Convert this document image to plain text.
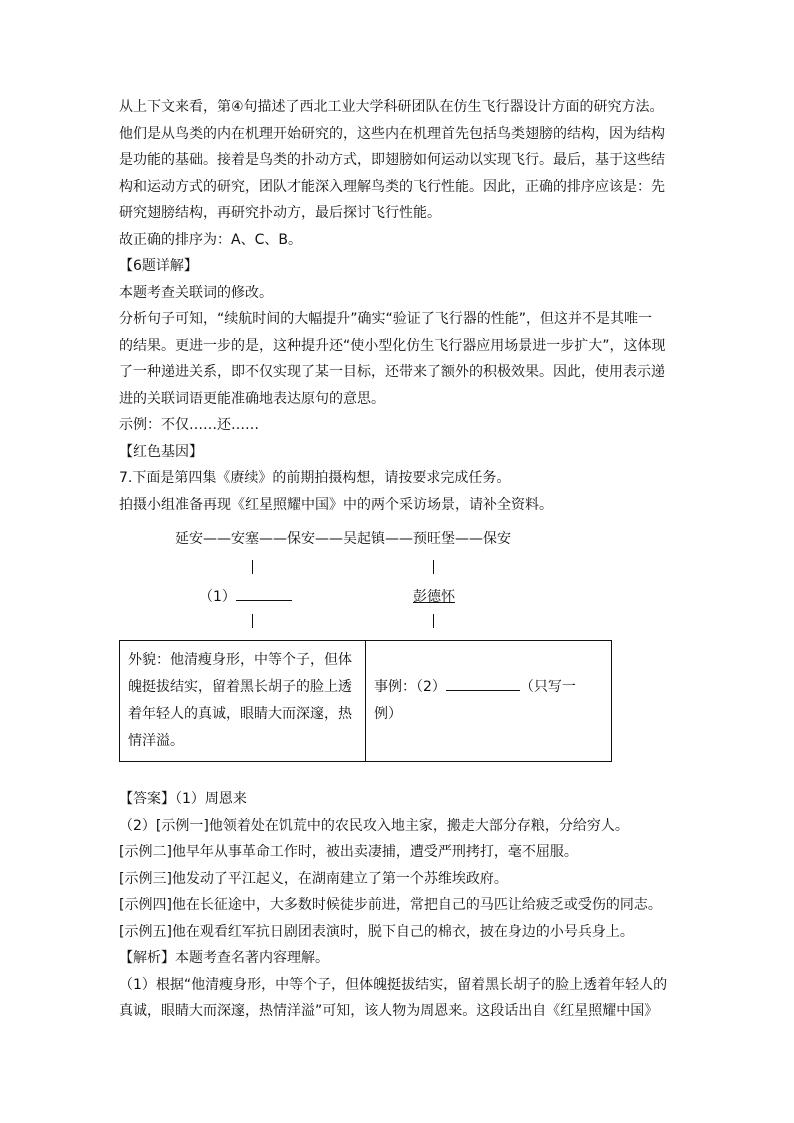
从上下文来看，第④句描述了西北工业大学科研团队在仿生飞行器设计方面的研究方法。
他们是从鸟类的内在机理开始研究的，这些内在机理首先包括鸟类翅膀的结构，因为结构
是功能的基础。接着是鸟类的扑动方式，即翅膀如何运动以实现飞行。最后，基于这些结
构和运动方式的研究，团队才能深入理解鸟类的飞行性能。因此，正确的排序应该是：先
研究翅膀结构，再研究扑动方，最后探讨飞行性能。
故正确的排序为：A、C、B。
【6题详解】
本题考查关联词的修改。
分析句子可知，“续航时间的大幅提升”确实“验证了飞行器的性能”，但这并不是其唯一
的结果。更进一步的是，这种提升还“使小型化仿生飞行器应用场景进一步扩大”，这体现
了一种递进关系，即不仅实现了某一目标，还带来了额外的积极效果。因此，使用表示递
进的关联词语更能准确地表达原句的意思。
示例：不仅……还……
【红色基因】
7.下面是第四集《赓续》的前期拍摄构想，请按要求完成任务。
拍摄小组准备再现《红星照耀中国》中的两个采访场景，请补全资料。
延安——安塞——保安——吴起镇——预旺堡——保安
（1）	彭德怀
外貌：他清瘦身形，中等个子，但体
魄挺拔结实，留着黑长胡子的脸上透
着年轻人的真诚，眼睛大而深邃，热
情洋溢。

事例：（2）	（只写一
例）
【答案】（1）周恩来
（2）[示例一]他领着处在饥荒中的农民攻入地主家，搬走大部分存粮，分给穷人。
[示例二]他早年从事革命工作时，被出卖凄捕，遭受严刑拷打，毫不屈服。
[示例三]他发动了平江起义，在湖南建立了第一个苏维埃政府。
[示例四]他在长征途中，大多数时候徒步前进，常把自己的马匹让给疲乏或受伤的同志。
[示例五]他在观看红军抗日剧团表演时，脱下自己的棉衣，披在身边的小号兵身上。
【解析】本题考查名著内容理解。
（1）根据“他清瘦身形，中等个子，但体魄挺拔结实，留着黑长胡子的脸上透着年轻人的
真诚，眼睛大而深邃，热情洋溢”可知，该人物为周恩来。这段话出自《红星照耀中国》
